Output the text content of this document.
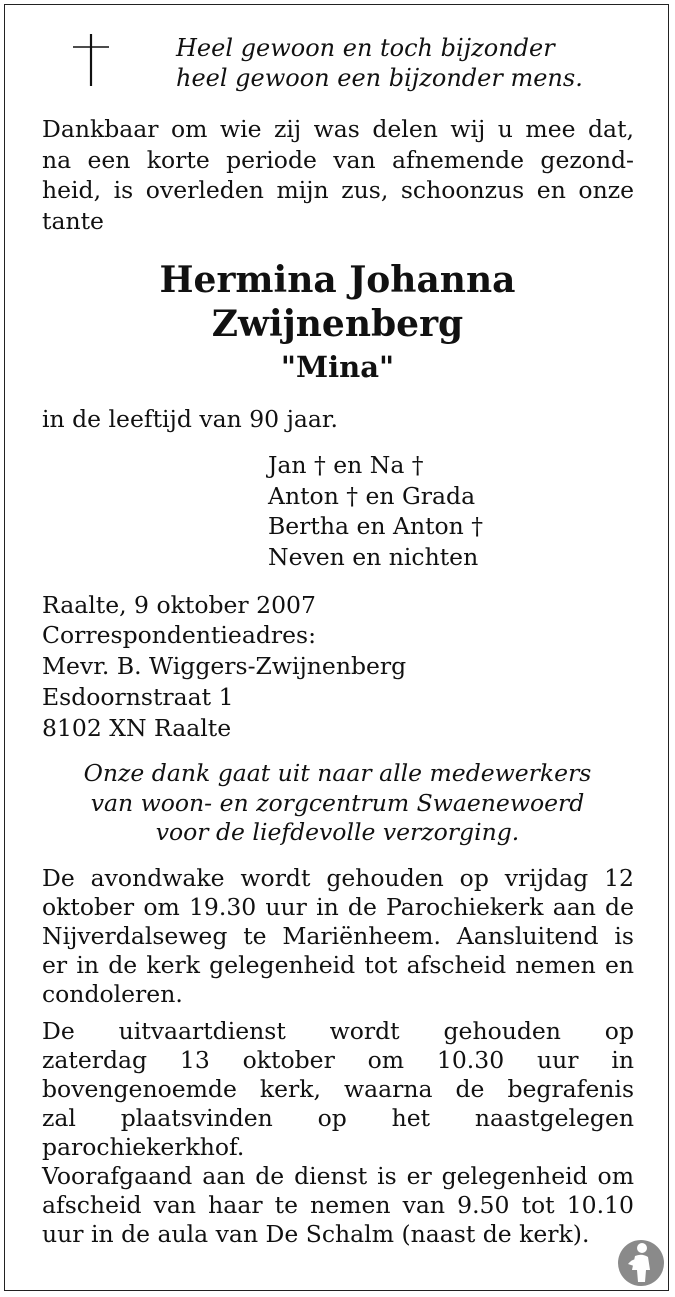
Heel gewoon en toch bijzonder
heel gewoon een bijzonder mens.
Dankbaar om wie zij was delen wij u mee dat,
na een korte periode van afnemende gezond-
heid, is overleden mijn zus, schoonzus en onze
tante
Hermina Johanna
Zwijnenberg
"Mina"
in de leeftijd van 90 jaar.
Jan † en Na †
Anton † en Grada
Bertha en Anton †
Neven en nichten
Raalte, 9 oktober 2007
Correspondentieadres:
Mevr. B. Wiggers-Zwijnenberg
Esdoornstraat 1
8102 XN Raalte
Onze dank gaat uit naar alle medewerkers
van woon- en zorgcentrum Swaenewoerd
voor de liefdevolle verzorging.
De avondwake wordt gehouden op vrijdag 12
oktober om 19.30 uur in de Parochiekerk aan de
Nijverdalseweg te Mariënheem. Aansluitend is
er in de kerk gelegenheid tot afscheid nemen en
condoleren.
De uitvaartdienst wordt gehouden op
zaterdag 13 oktober om 10.30 uur in
bovengenoemde kerk, waarna de begrafenis
zal plaatsvinden op het naastgelegen
parochiekerkhof.
Voorafgaand aan de dienst is er gelegenheid om
afscheid van haar te nemen van 9.50 tot 10.10
uur in de aula van De Schalm (naast de kerk).
